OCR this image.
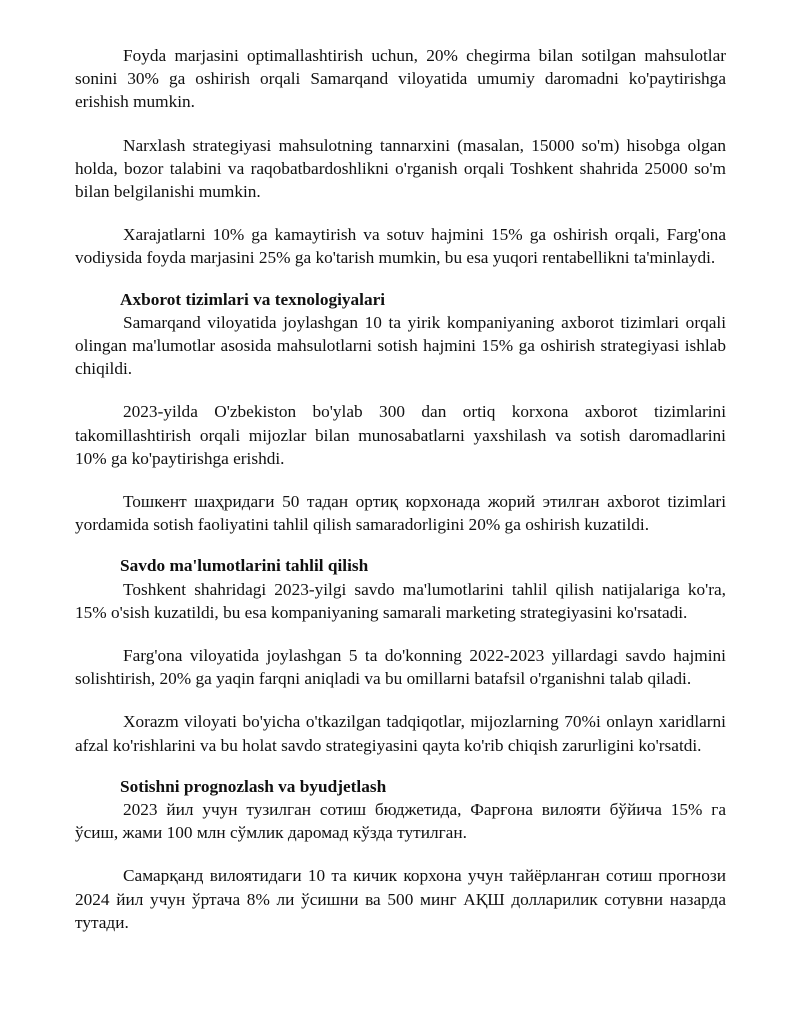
Foyda marjasini optimallashtirish uchun, 20% chegirma bilan sotilgan mahsulotlar sonini 30% ga oshirish orqali Samarqand viloyatida umumiy daromadni ko'paytirishga erishish mumkin.

Narxlash strategiyasi mahsulotning tannarxini (masalan, 15000 so'm) hisobga olgan holda, bozor talabini va raqobatbardoshlikni o'rganish orqali Toshkent shahrida 25000 so'm bilan belgilanishi mumkin.

Xarajatlarni 10% ga kamaytirish va sotuv hajmini 15% ga oshirish orqali, Farg'ona vodiysida foyda marjasini 25% ga ko'tarish mumkin, bu esa yuqori rentabellikni ta'minlaydi.

Axborot tizimlari va texnologiyalari

Samarqand viloyatida joylashgan 10 ta yirik kompaniyaning axborot tizimlari orqali olingan ma'lumotlar asosida mahsulotlarni sotish hajmini 15% ga oshirish strategiyasi ishlab chiqildi.

2023-yilda O'zbekiston bo'ylab 300 dan ortiq korxona axborot tizimlarini takomillashtirish orqali mijozlar bilan munosabatlarni yaxshilash va sotish daromadlarini 10% ga ko'paytirishga erishdi.

Тошкент шаҳридаги 50 тадан ортиқ корхонада жорий этилган axborot tizimlari yordamida sotish faoliyatini tahlil qilish samaradorligini 20% ga oshirish kuzatildi.

Savdo ma'lumotlarini tahlil qilish

Toshkent shahridagi 2023-yilgi savdo ma'lumotlarini tahlil qilish natijalariga ko'ra, 15% o'sish kuzatildi, bu esa kompaniyaning samarali marketing strategiyasini ko'rsatadi.

Farg'ona viloyatida joylashgan 5 ta do'konning 2022-2023 yillardagi savdo hajmini solishtirish, 20% ga yaqin farqni aniqladi va bu omillarni batafsil o'rganishni talab qiladi.

Xorazm viloyati bo'yicha o'tkazilgan tadqiqotlar, mijozlarning 70%i onlayn xaridlarni afzal ko'rishlarini va bu holat savdo strategiyasini qayta ko'rib chiqish zarurligini ko'rsatdi.

Sotishni prognozlash va byudjetlash

2023 йил учун тузилган сотиш бюджетида, Фарғона вилояти бўйича 15% га ўсиш, жами 100 млн сўмлик даромад кўзда тутилган.

Самарқанд вилоятидаги 10 та кичик корхона учун тайёрланган сотиш прогнози 2024 йил учун ўртача 8% ли ўсишни ва 500 минг АҚШ долларилик сотувни назарда тутади.
